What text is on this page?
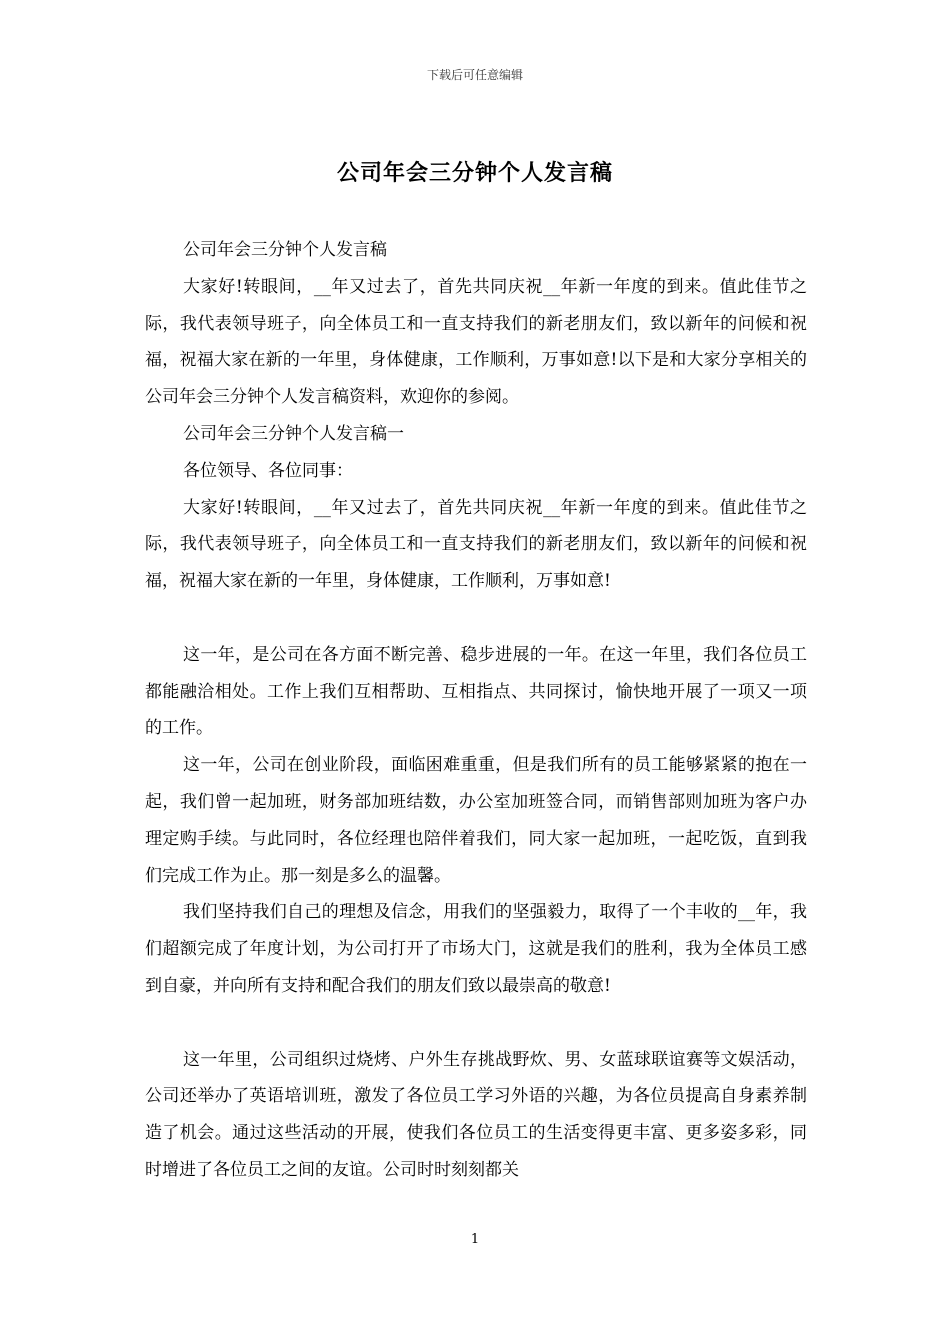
下载后可任意编辑
公司年会三分钟个人发言稿

公司年会三分钟个人发言稿

大家好!转眼间，__年又过去了，首先共同庆祝__年新一年度的到来。值此佳节之际，我代表领导班子，向全体员工和一直支持我们的新老朋友们，致以新年的问候和祝福，祝福大家在新的一年里，身体健康，工作顺利，万事如意!以下是和大家分享相关的公司年会三分钟个人发言稿资料，欢迎你的参阅。

公司年会三分钟个人发言稿一

各位领导、各位同事：

大家好!转眼间，__年又过去了，首先共同庆祝__年新一年度的到来。值此佳节之际，我代表领导班子，向全体员工和一直支持我们的新老朋友们，致以新年的问候和祝福，祝福大家在新的一年里，身体健康，工作顺利，万事如意!

这一年，是公司在各方面不断完善、稳步进展的一年。在这一年里，我们各位员工都能融洽相处。工作上我们互相帮助、互相指点、共同探讨，愉快地开展了一项又一项的工作。

这一年，公司在创业阶段，面临困难重重，但是我们所有的员工能够紧紧的抱在一起，我们曾一起加班，财务部加班结数，办公室加班签合同，而销售部则加班为客户办理定购手续。与此同时，各位经理也陪伴着我们，同大家一起加班，一起吃饭，直到我们完成工作为止。那一刻是多么的温馨。

我们坚持我们自己的理想及信念，用我们的坚强毅力，取得了一个丰收的__年，我们超额完成了年度计划，为公司打开了市场大门，这就是我们的胜利，我为全体员工感到自豪，并向所有支持和配合我们的朋友们致以最崇高的敬意!

这一年里，公司组织过烧烤、户外生存挑战野炊、男、女蓝球联谊赛等文娱活动，公司还举办了英语培训班，激发了各位员工学习外语的兴趣，为各位员提高自身素养制造了机会。通过这些活动的开展，使我们各位员工的生活变得更丰富、更多姿多彩，同时增进了各位员工之间的友谊。公司时时刻刻都关

1
